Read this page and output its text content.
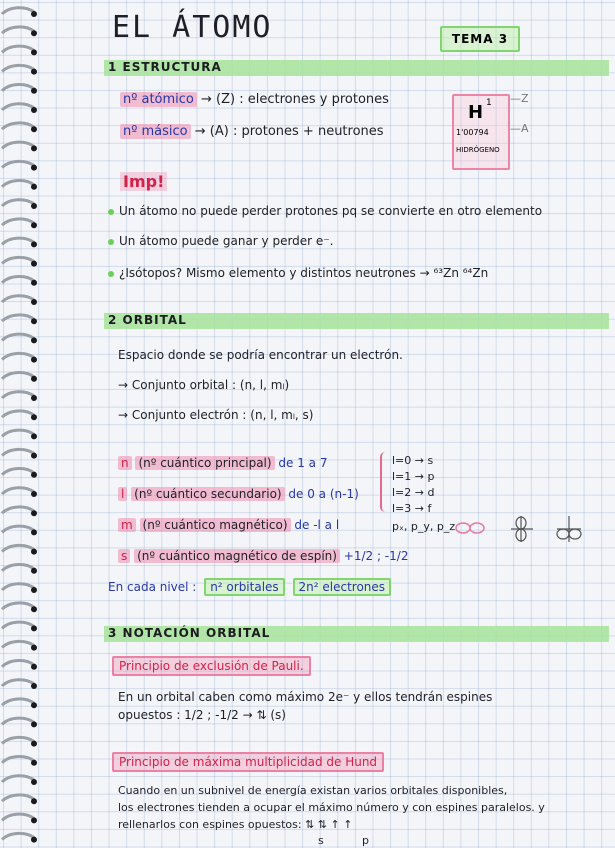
EL ÁTOMO	TEMA 3
1 ESTRUCTURA
nº atómico → (Z) : electrones y protones
nº másico → (A) : protones + neutrones
H 1
1'00794
HIDRÓGENO
—Z
—A
Imp!
Un átomo no puede perder protones pq se convierte en otro elemento
Un átomo puede ganar y perder e⁻.
¿Isótopos? Mismo elemento y distintos neutrones → ⁶³Zn ⁶⁴Zn
2 ORBITAL
Espacio donde se podría encontrar un electrón.
→ Conjunto orbital : (n, l, mₗ)
→ Conjunto electrón : (n, l, mₗ, s)
n (nº cuántico principal) de 1 a 7
l (nº cuántico secundario) de 0 a (n-1)
m (nº cuántico magnético) de -l a l
s (nº cuántico magnético de espín) +1/2 ; -1/2
l=0 → s
l=1 → p
l=2 → d
l=3 → f
pₓ, p_y, p_z
En cada nivel : n² orbitales 2n² electrones
3 NOTACIÓN ORBITAL
Principio de exclusión de Pauli.
En un orbital caben como máximo 2e⁻ y ellos tendrán espines
opuestos : 1/2 ; -1/2 → ⇅ (s)
Principio de máxima multiplicidad de Hund
Cuando en un subnivel de energía existan varios orbitales disponibles,
los electrones tienden a ocupar el máximo número y con espines paralelos. y
rellenarlos con espines opuestos: ⇅ ⇅ ↑ ↑
s	p
